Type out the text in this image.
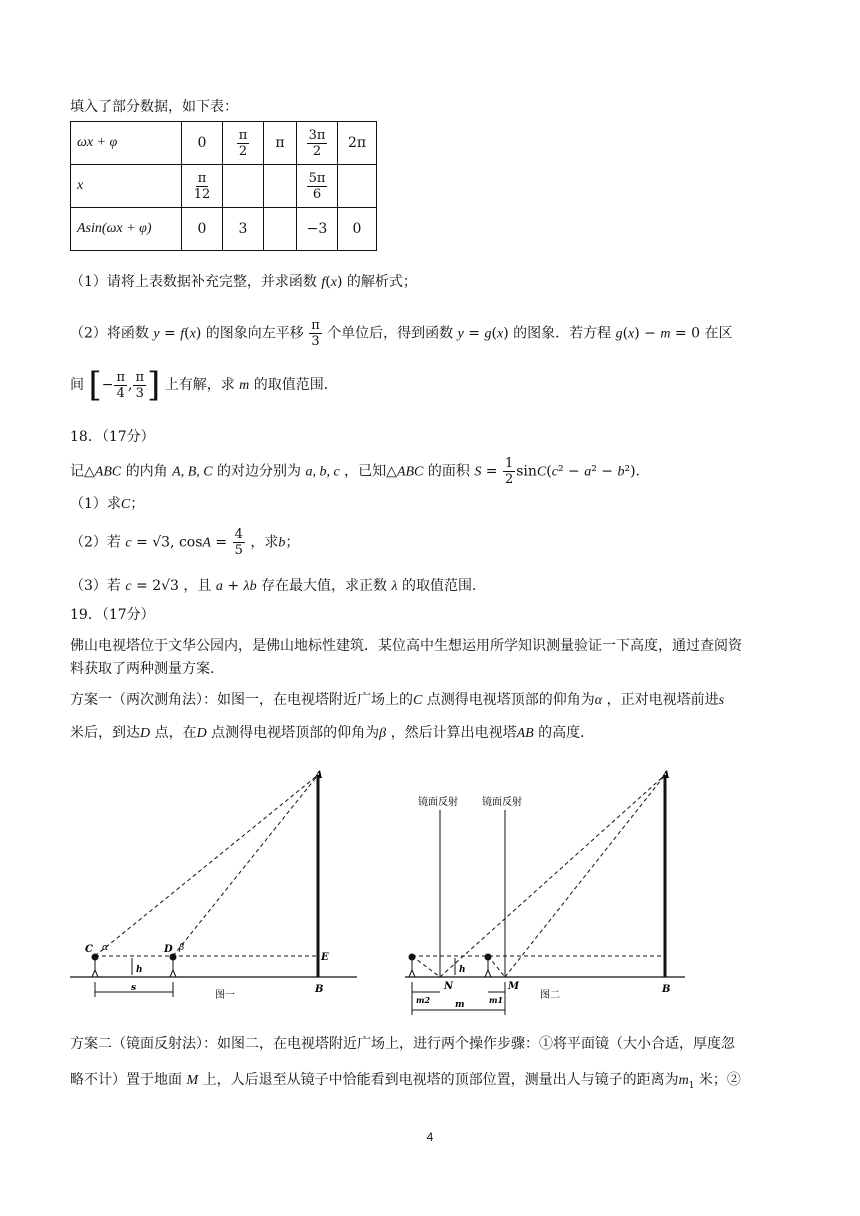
填入了部分数据，如下表：
ωx + φ	0	$\frac{\pi}{2}$	π	$\frac{3\pi}{2}$	2π
x	$\frac{\pi}{12}$			$\frac{5\pi}{6}$

Asin(ωx + φ)	0	3		−3	0
（1）请将上表数据补充完整，并求函数 f(x) 的解析式；
（2）将函数 y = f(x) 的图象向左平移 $\frac{\pi}{3}$ 个单位后，得到函数 y = g(x) 的图象．若方程 g(x) − m = 0 在区
间 [ − $\frac{\pi}{4}$ , $\frac{\pi}{3}$ ] 上有解，求 m 的取值范围．
18．（17分）
记△ABC 的内角 A, B, C 的对边分别为 a, b, c ，已知△ABC 的面积 $S = \frac{1}{2} \sin C(c^2 - a^2 - b^2)$.
（1）求C；
（2）若 c = √3, $\cos A = \frac{4}{5}$ ，求b；
（3）若 c = 2√3 ，且 a + λb 存在最大值，求正数 λ 的取值范围．
19．（17分）
佛山电视塔位于文华公园内，是佛山地标性建筑．某位高中生想运用所学知识测量验证一下高度，通过查阅资
料获取了两种测量方案．
方案一（两次测角法）：如图一，在电视塔附近广场上的C 点测得电视塔顶部的仰角为α ，正对电视塔前进s
米后，到达D 点，在D 点测得电视塔顶部的仰角为β ，然后计算出电视塔AB 的高度．
A
B
E
C	D
α	β
h
s
图一
镜面反射 镜面反射
A
B
N	M
h
m2	m1
m
图二
方案二（镜面反射法）：如图二，在电视塔附近广场上，进行两个操作步骤：①将平面镜（大小合适，厚度忽
略不计）置于地面 M 上，人后退至从镜子中恰能看到电视塔的顶部位置，测量出人与镜子的距离为$m_1$ 米；②
4
